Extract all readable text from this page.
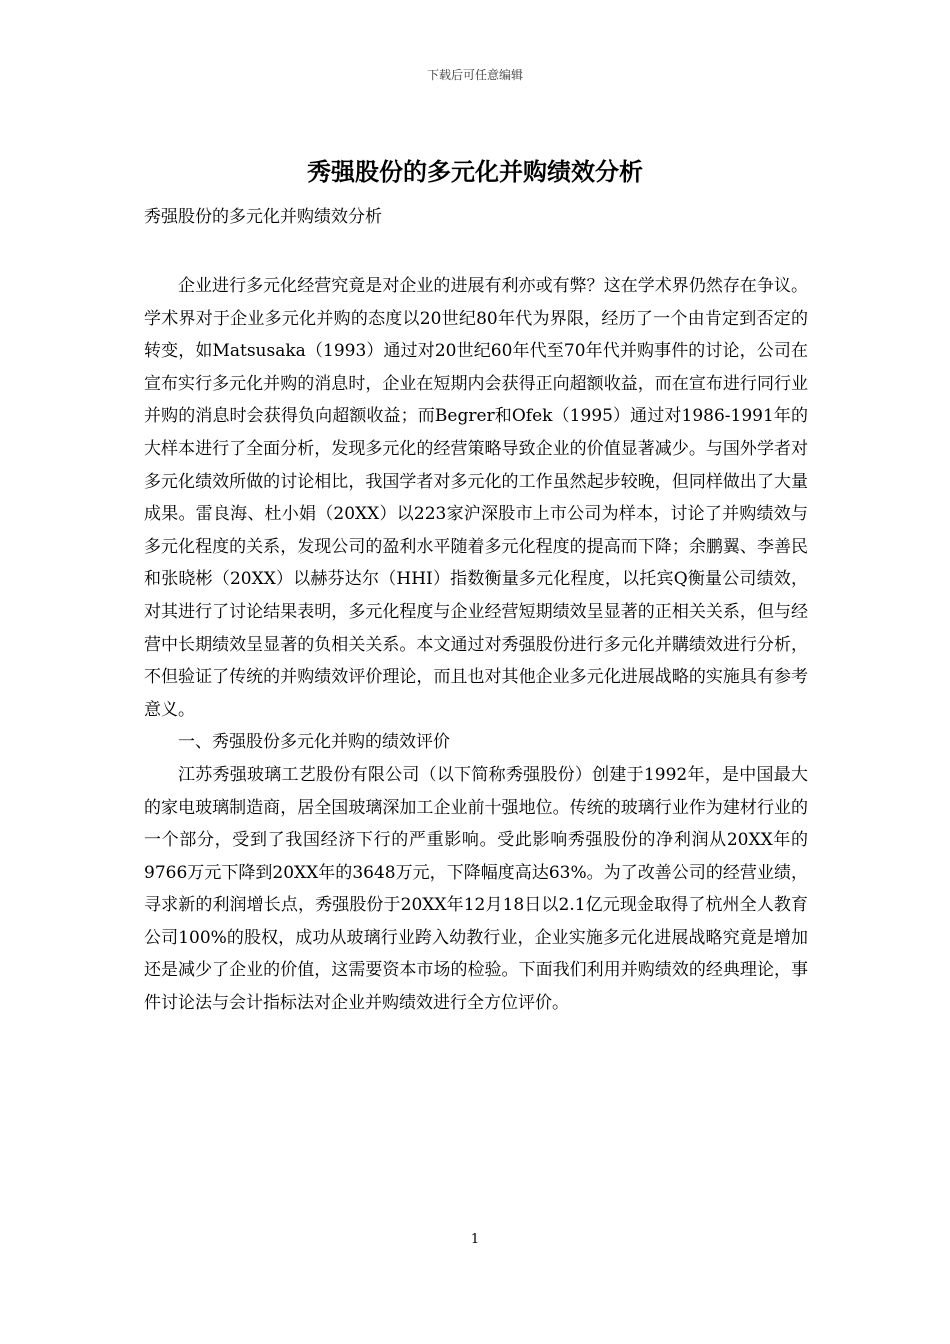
下载后可任意编辑
秀强股份的多元化并购绩效分析
秀强股份的多元化并购绩效分析

企业进行多元化经营究竟是对企业的进展有利亦或有弊？这在学术界仍然存在争议。学术界对于企业多元化并购的态度以20世纪80年代为界限，经历了一个由肯定到否定的转变，如Matsusaka（1993）通过对20世纪60年代至70年代并购事件的讨论，公司在宣布实行多元化并购的消息时，企业在短期内会获得正向超额收益，而在宣布进行同行业并购的消息时会获得负向超额收益；而Begrer和Ofek（1995）通过对1986-1991年的大样本进行了全面分析，发现多元化的经营策略导致企业的价值显著减少。与国外学者对多元化绩效所做的讨论相比，我国学者对多元化的工作虽然起步较晚，但同样做出了大量成果。雷良海、杜小娟（20XX）以223家沪深股市上市公司为样本，讨论了并购绩效与多元化程度的关系，发现公司的盈利水平随着多元化程度的提高而下降；余鹏翼、李善民和张晓彬（20XX）以赫芬达尔（HHI）指数衡量多元化程度，以托宾Q衡量公司绩效，对其进行了讨论结果表明，多元化程度与企业经营短期绩效呈显著的正相关关系，但与经营中长期绩效呈显著的负相关关系。本文通过对秀强股份进行多元化并購绩效进行分析，不但验证了传统的并购绩效评价理论，而且也对其他企业多元化进展战略的实施具有参考意义。

一、秀强股份多元化并购的绩效评价

江苏秀强玻璃工艺股份有限公司（以下简称秀强股份）创建于1992年，是中国最大的家电玻璃制造商，居全国玻璃深加工企业前十强地位。传统的玻璃行业作为建材行业的一个部分，受到了我国经济下行的严重影响。受此影响秀强股份的净利润从20XX年的9766万元下降到20XX年的3648万元，下降幅度高达63%。为了改善公司的经营业绩，寻求新的利润增长点，秀强股份于20XX年12月18日以2.1亿元现金取得了杭州全人教育公司100%的股权，成功从玻璃行业跨入幼教行业，企业实施多元化进展战略究竟是增加还是减少了企业的价值，这需要资本市场的检验。下面我们利用并购绩效的经典理论，事件讨论法与会计指标法对企业并购绩效进行全方位评价。

1
